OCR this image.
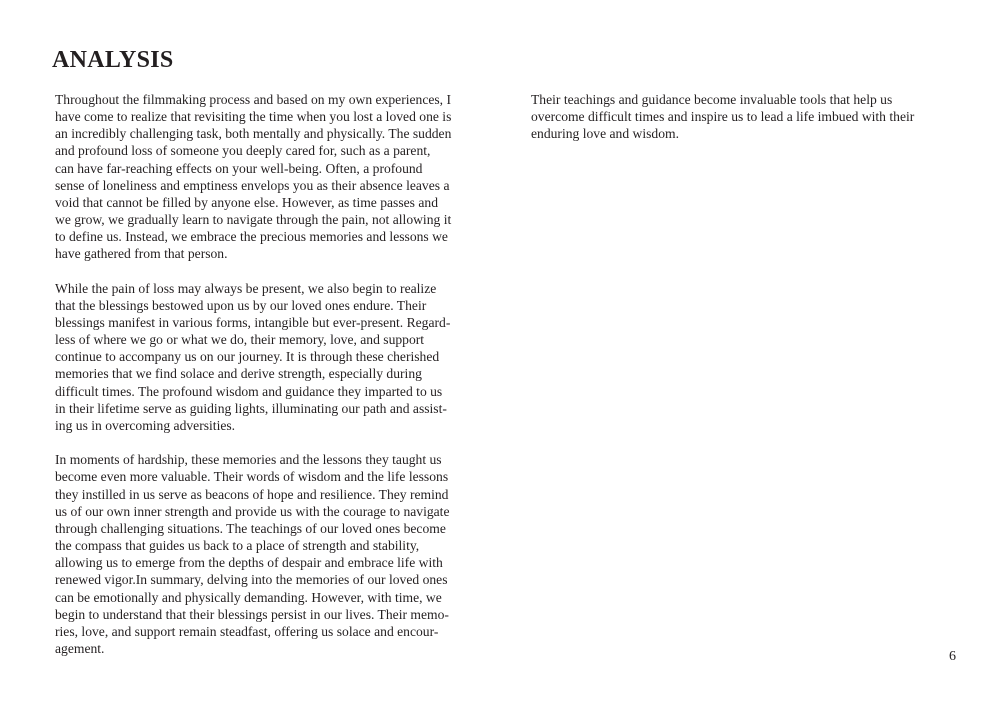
ANALYSIS

Throughout the filmmaking process and based on my own experiences, I
have come to realize that revisiting the time when you lost a loved one is
an incredibly challenging task, both mentally and physically. The sudden
and profound loss of someone you deeply cared for, such as a parent,
can have far-reaching effects on your well-being. Often, a profound
sense of loneliness and emptiness envelops you as their absence leaves a
void that cannot be filled by anyone else. However, as time passes and
we grow, we gradually learn to navigate through the pain, not allowing it
to define us. Instead, we embrace the precious memories and lessons we
have gathered from that person.

While the pain of loss may always be present, we also begin to realize
that the blessings bestowed upon us by our loved ones endure. Their
blessings manifest in various forms, intangible but ever-present. Regard-
less of where we go or what we do, their memory, love, and support
continue to accompany us on our journey. It is through these cherished
memories that we find solace and derive strength, especially during
difficult times. The profound wisdom and guidance they imparted to us
in their lifetime serve as guiding lights, illuminating our path and assist-
ing us in overcoming adversities.

In moments of hardship, these memories and the lessons they taught us
become even more valuable. Their words of wisdom and the life lessons
they instilled in us serve as beacons of hope and resilience. They remind
us of our own inner strength and provide us with the courage to navigate
through challenging situations. The teachings of our loved ones become
the compass that guides us back to a place of strength and stability,
allowing us to emerge from the depths of despair and embrace life with
renewed vigor.In summary, delving into the memories of our loved ones
can be emotionally and physically demanding. However, with time, we
begin to understand that their blessings persist in our lives. Their memo-
ries, love, and support remain steadfast, offering us solace and encour-
agement.

Their teachings and guidance become invaluable tools that help us
overcome difficult times and inspire us to lead a life imbued with their
enduring love and wisdom.

6
